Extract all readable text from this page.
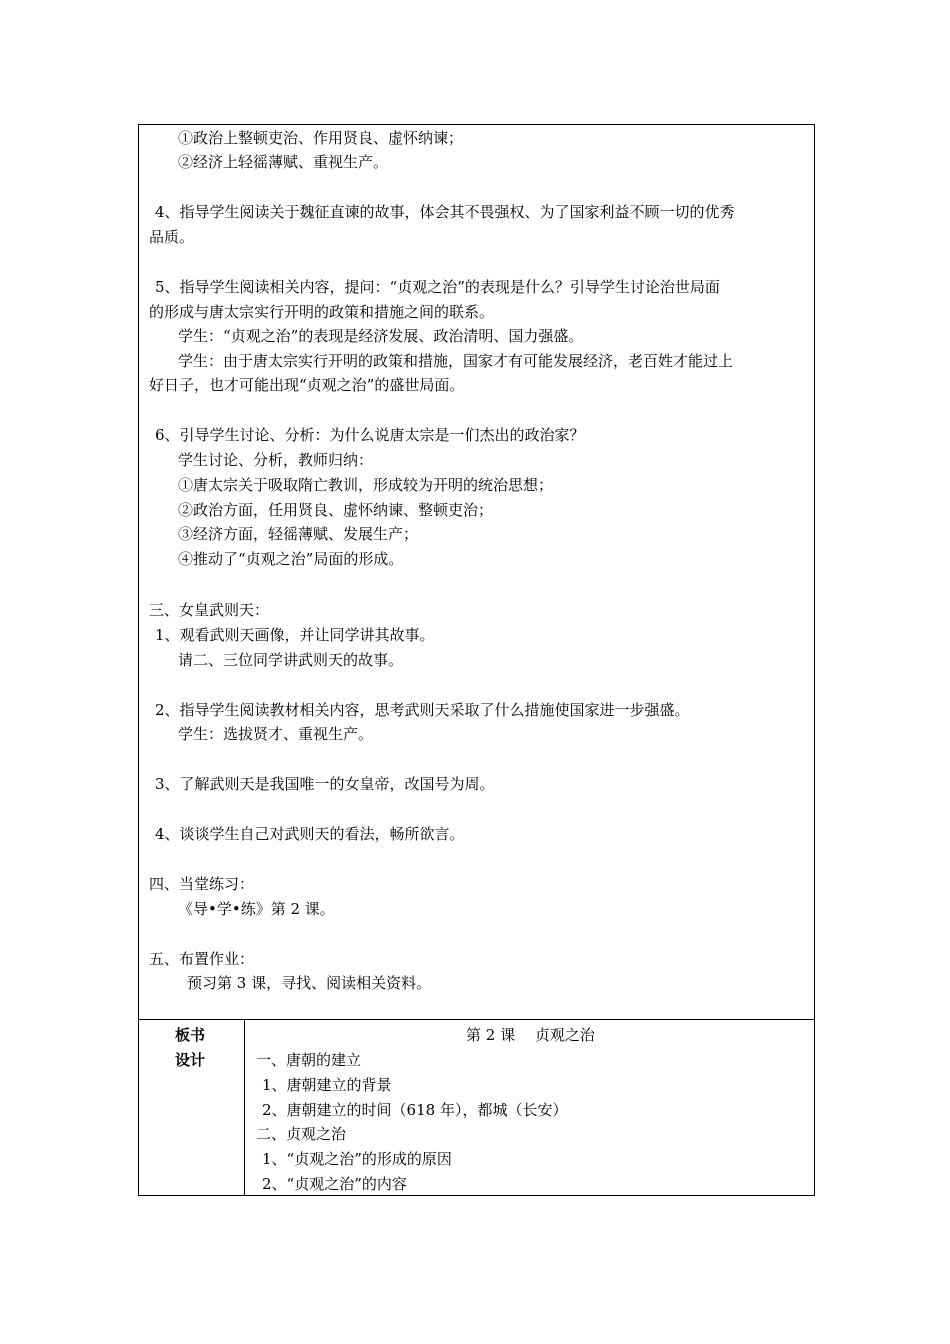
①政治上整顿吏治、作用贤良、虚怀纳谏；
②经济上轻徭薄赋、重视生产。
4、指导学生阅读关于魏征直谏的故事，体会其不畏强权、为了国家利益不顾一切的优秀
品质。
5、指导学生阅读相关内容，提问：“贞观之治”的表现是什么？引导学生讨论治世局面
的形成与唐太宗实行开明的政策和措施之间的联系。
学生：“贞观之治”的表现是经济发展、政治清明、国力强盛。
学生：由于唐太宗实行开明的政策和措施，国家才有可能发展经济，老百姓才能过上
好日子，也才可能出现“贞观之治”的盛世局面。
6、引导学生讨论、分析：为什么说唐太宗是一们杰出的政治家？
学生讨论、分析，教师归纳：
①唐太宗关于吸取隋亡教训，形成较为开明的统治思想；
②政治方面，任用贤良、虚怀纳谏、整顿吏治；
③经济方面，轻徭薄赋、发展生产；
④推动了“贞观之治”局面的形成。
三、女皇武则天：
1、观看武则天画像，并让同学讲其故事。
请二、三位同学讲武则天的故事。
2、指导学生阅读教材相关内容，思考武则天采取了什么措施使国家进一步强盛。
学生：选拔贤才、重视生产。
3、了解武则天是我国唯一的女皇帝，改国号为周。
4、谈谈学生自己对武则天的看法，畅所欲言。
四、当堂练习：
《导•学•练》第 2 课。
五、布置作业：
预习第 3 课，寻找、阅读相关资料。
板书
设计
第 2 课　 贞观之治
一、唐朝的建立
1、唐朝建立的背景
2、唐朝建立的时间（618 年），都城（长安）
二、贞观之治
1、“贞观之治”的形成的原因
2、“贞观之治”的内容
